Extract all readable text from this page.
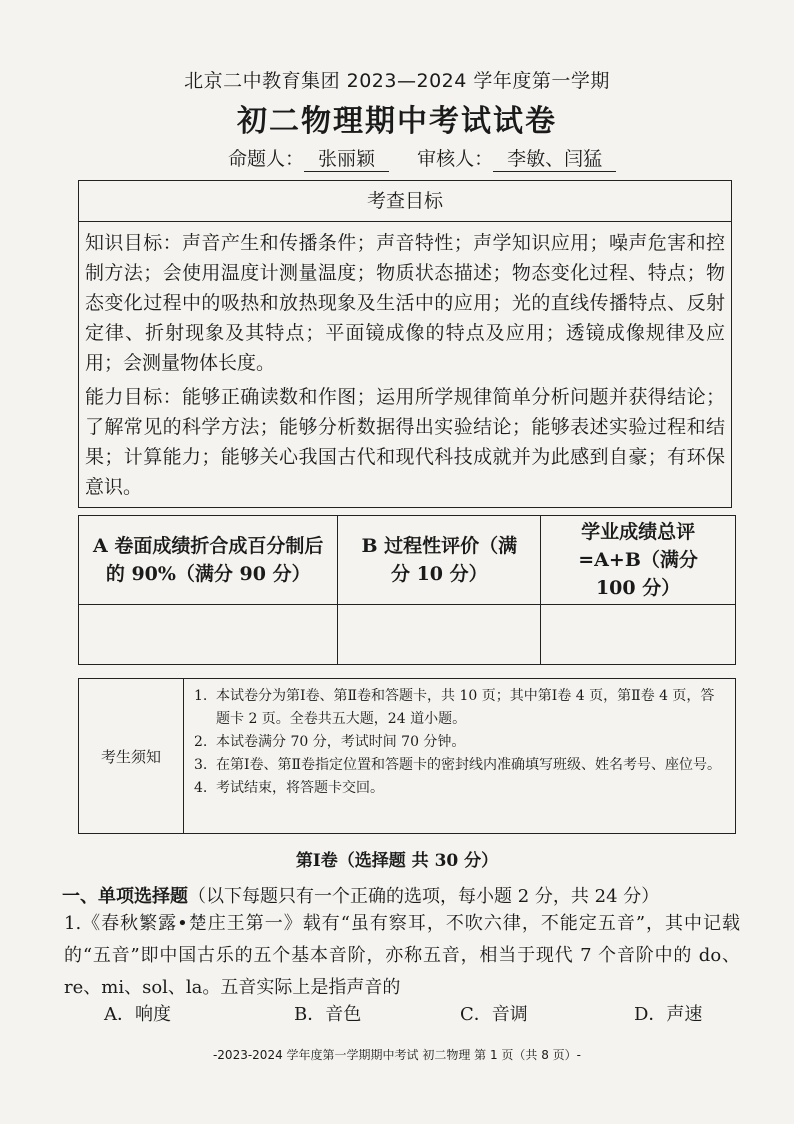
北京二中教育集团 2023—2024 学年度第一学期
初二物理期中考试试卷
命题人： 张丽颖 审核人： 李敏、闫猛
考查目标

知识目标：声音产生和传播条件；声音特性；声学知识应用；噪声危害和控制方法；会使用温度计测量温度；物质状态描述；物态变化过程、特点；物态变化过程中的吸热和放热现象及生活中的应用；光的直线传播特点、反射定律、折射现象及其特点；平面镜成像的特点及应用；透镜成像规律及应用；会测量物体长度。

能力目标：能够正确读数和作图；运用所学规律简单分析问题并获得结论；了解常见的科学方法；能够分析数据得出实验结论；能够表述实验过程和结果；计算能力；能够关心我国古代和现代科技成就并为此感到自豪；有环保意识。

A 卷面成绩折合成百分制后的 90%（满分 90 分）	B 过程性评价（满分 10 分）	学业成绩总评=A+B（满分 100 分）

考生须知
1. 本试卷分为第Ⅰ卷、第Ⅱ卷和答题卡，共 10 页；其中第Ⅰ卷 4 页，第Ⅱ卷 4 页，答题卡 2 页。全卷共五大题，24 道小题。
2. 本试卷满分 70 分，考试时间 70 分钟。
3. 在第Ⅰ卷、第Ⅱ卷指定位置和答题卡的密封线内准确填写班级、姓名考号、座位号。
4. 考试结束，将答题卡交回。
第Ⅰ卷（选择题 共 30 分）
一、单项选择题（以下每题只有一个正确的选项，每小题 2 分，共 24 分）
1.《春秋繁露•楚庄王第一》载有“虽有察耳，不吹六律，不能定五音”，其中记载的“五音”即中国古乐的五个基本音阶，亦称五音，相当于现代 7 个音阶中的 do、re、mi、sol、la。五音实际上是指声音的
A．响度	B．音色	C．音调	D．声速
-2023-2024 学年度第一学期期中考试 初二物理 第 1 页（共 8 页）-
